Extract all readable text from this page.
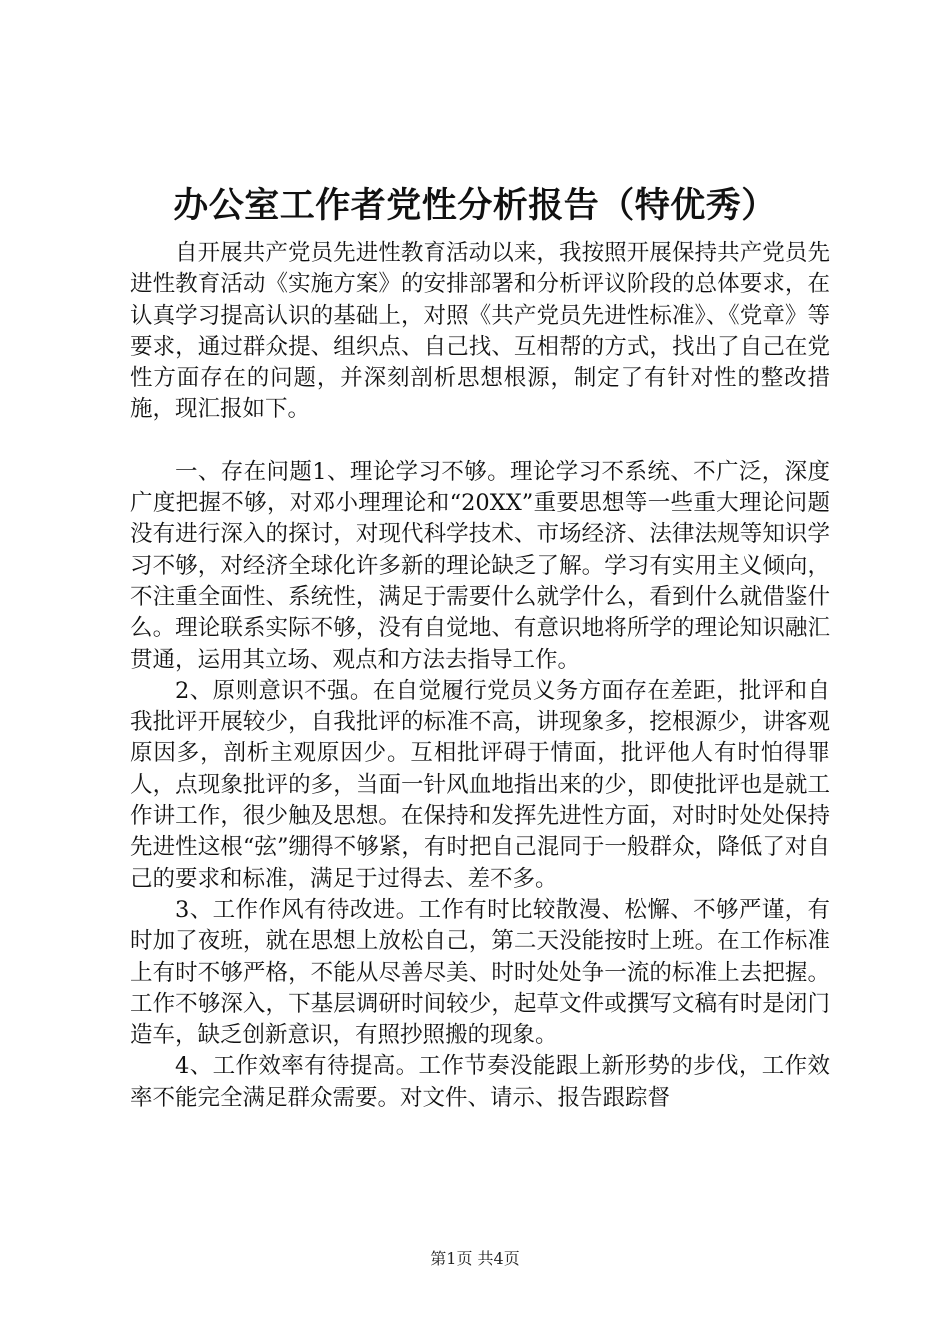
办公室工作者党性分析报告（特优秀）

自开展共产党员先进性教育活动以来，我按照开展保持共产党员先进性教育活动《实施方案》的安排部署和分析评议阶段的总体要求，在认真学习提高认识的基础上，对照《共产党员先进性标准》、《党章》等要求，通过群众提、组织点、自己找、互相帮的方式，找出了自己在党性方面存在的问题，并深刻剖析思想根源，制定了有针对性的整改措施，现汇报如下。

一、存在问题1、理论学习不够。理论学习不系统、不广泛，深度广度把握不够，对邓小理理论和“20XX”重要思想等一些重大理论问题没有进行深入的探讨，对现代科学技术、市场经济、法律法规等知识学习不够，对经济全球化许多新的理论缺乏了解。学习有实用主义倾向，不注重全面性、系统性，满足于需要什么就学什么，看到什么就借鉴什么。理论联系实际不够，没有自觉地、有意识地将所学的理论知识融汇贯通，运用其立场、观点和方法去指导工作。

2、原则意识不强。在自觉履行党员义务方面存在差距，批评和自我批评开展较少，自我批评的标准不高，讲现象多，挖根源少，讲客观原因多，剖析主观原因少。互相批评碍于情面，批评他人有时怕得罪人，点现象批评的多，当面一针风血地指出来的少，即使批评也是就工作讲工作，很少触及思想。在保持和发挥先进性方面，对时时处处保持先进性这根“弦”绷得不够紧，有时把自己混同于一般群众，降低了对自己的要求和标准，满足于过得去、差不多。

3、工作作风有待改进。工作有时比较散漫、松懈、不够严谨，有时加了夜班，就在思想上放松自己，第二天没能按时上班。在工作标准上有时不够严格，不能从尽善尽美、时时处处争一流的标准上去把握。工作不够深入，下基层调研时间较少，起草文件或撰写文稿有时是闭门造车，缺乏创新意识，有照抄照搬的现象。

4、工作效率有待提高。工作节奏没能跟上新形势的步伐，工作效率不能完全满足群众需要。对文件、请示、报告跟踪督

第1页 共4页
